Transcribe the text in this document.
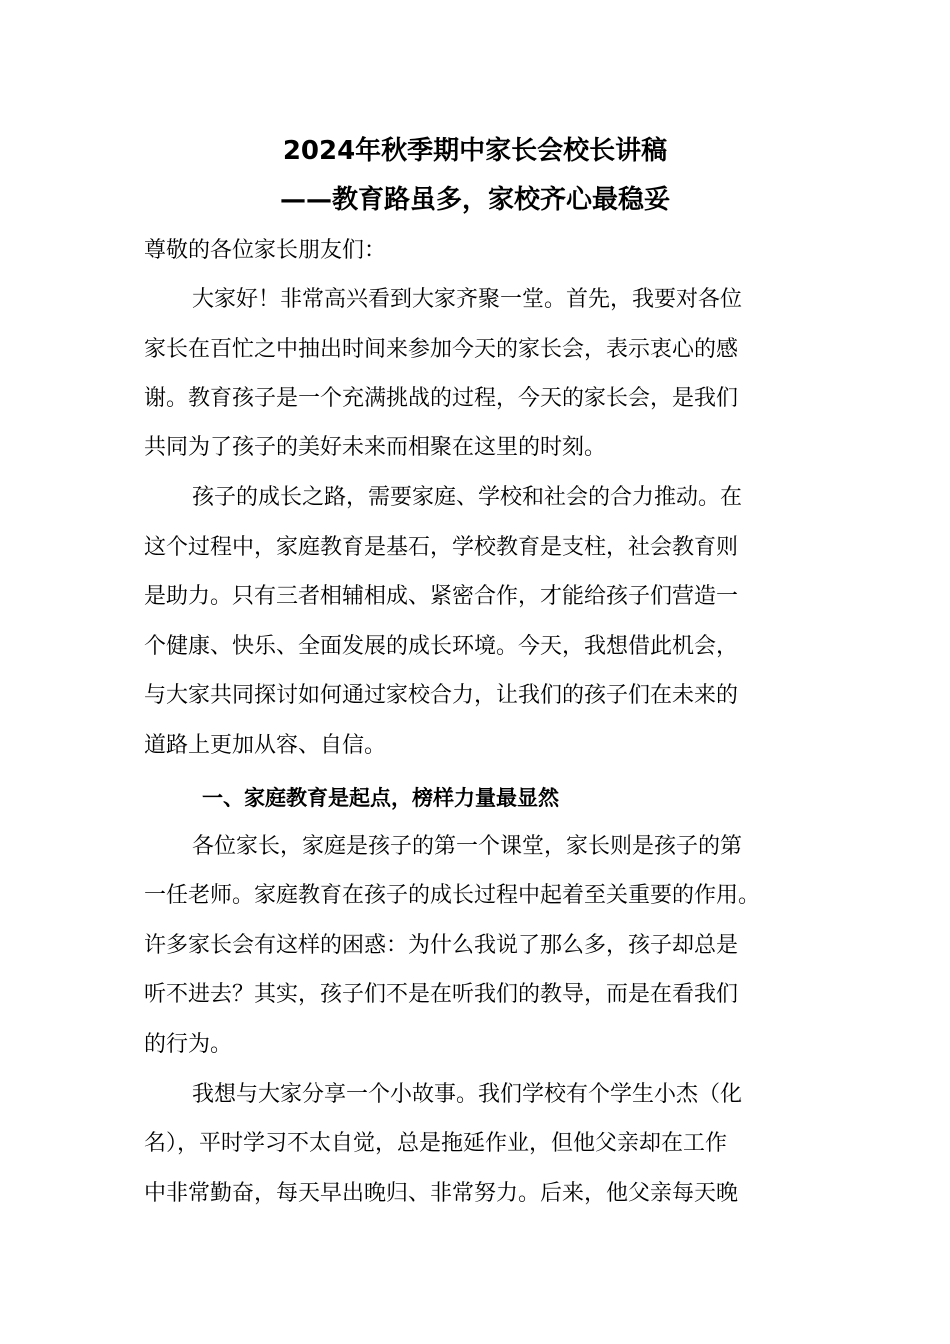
2024年秋季期中家长会校长讲稿
——教育路虽多，家校齐心最稳妥
尊敬的各位家长朋友们：
大家好！非常高兴看到大家齐聚一堂。首先，我要对各位
家长在百忙之中抽出时间来参加今天的家长会，表示衷心的感
谢。教育孩子是一个充满挑战的过程，今天的家长会，是我们
共同为了孩子的美好未来而相聚在这里的时刻。
孩子的成长之路，需要家庭、学校和社会的合力推动。在
这个过程中，家庭教育是基石，学校教育是支柱，社会教育则
是助力。只有三者相辅相成、紧密合作，才能给孩子们营造一
个健康、快乐、全面发展的成长环境。今天，我想借此机会，
与大家共同探讨如何通过家校合力，让我们的孩子们在未来的
道路上更加从容、自信。
一、家庭教育是起点，榜样力量最显然
各位家长，家庭是孩子的第一个课堂，家长则是孩子的第
一任老师。家庭教育在孩子的成长过程中起着至关重要的作用。
许多家长会有这样的困惑：为什么我说了那么多，孩子却总是
听不进去？其实，孩子们不是在听我们的教导，而是在看我们
的行为。
我想与大家分享一个小故事。我们学校有个学生小杰（化
名），平时学习不太自觉，总是拖延作业，但他父亲却在工作
中非常勤奋，每天早出晚归、非常努力。后来，他父亲每天晚
